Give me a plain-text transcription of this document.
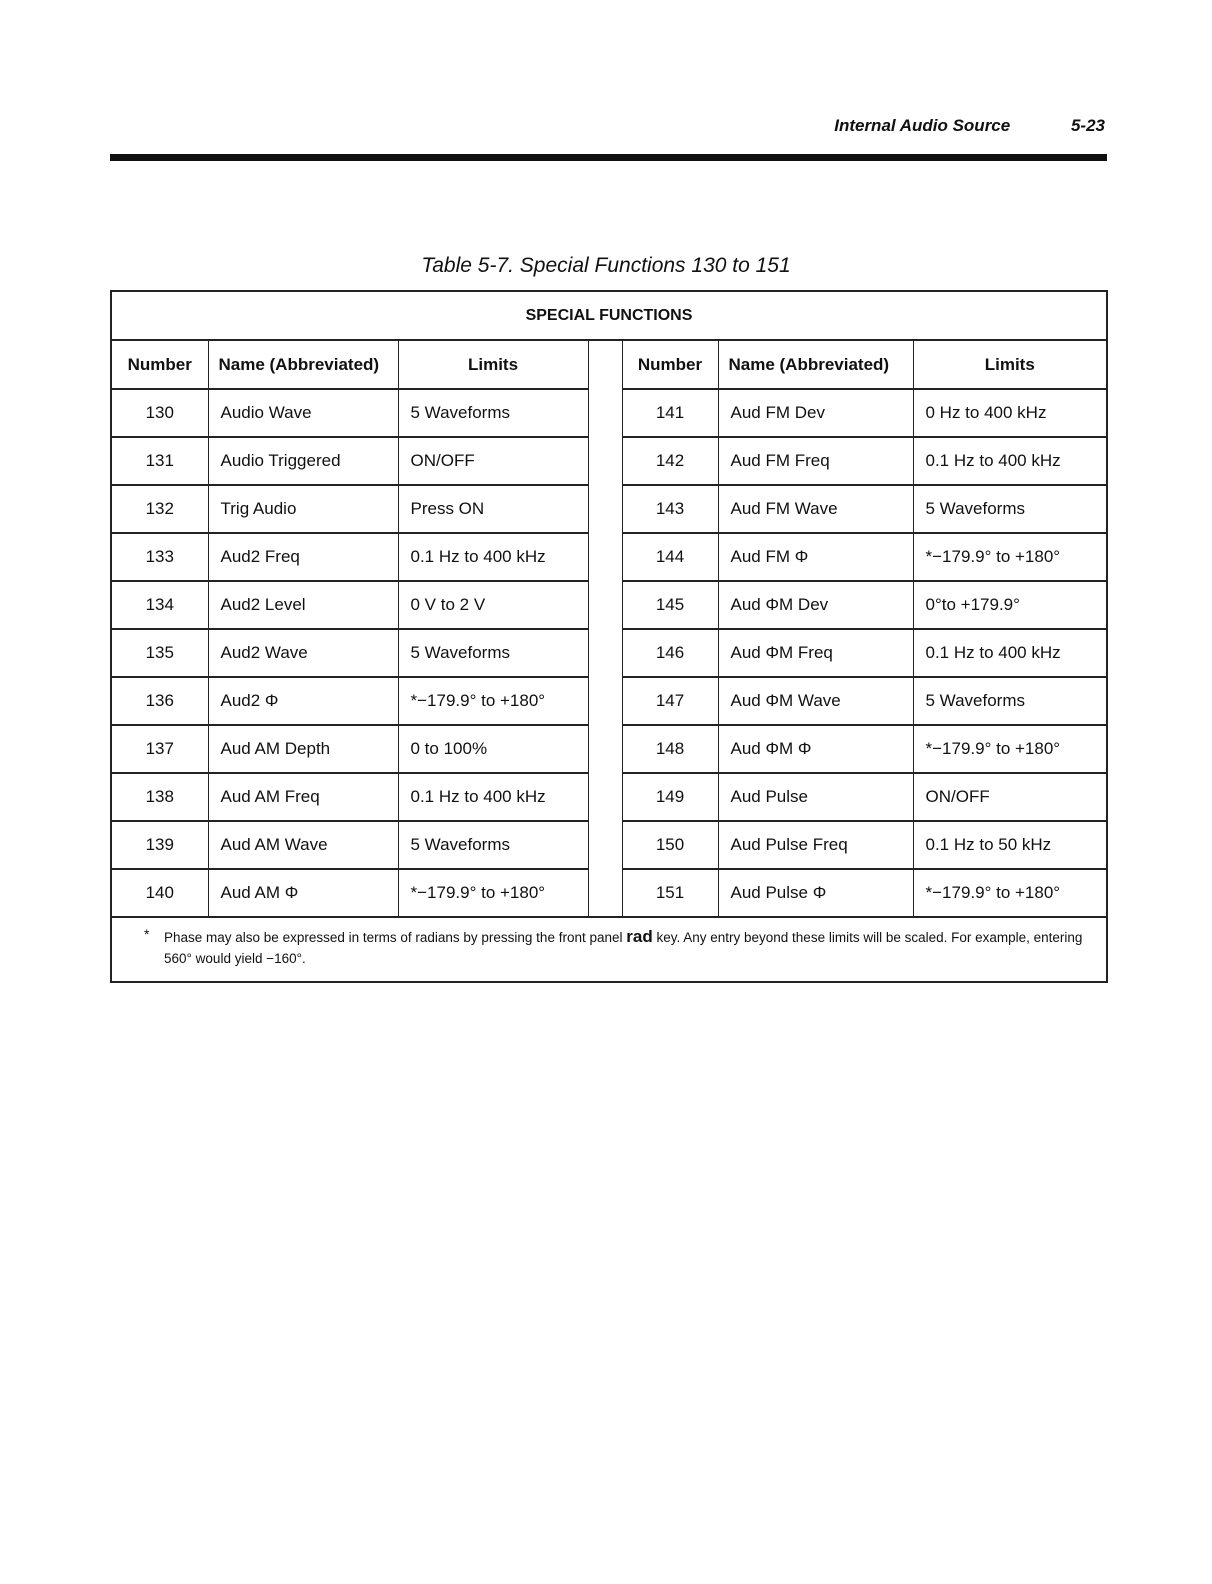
Internal Audio Source	5-23
Table 5-7. Special Functions 130 to 151
SPECIAL FUNCTIONS
Number	Name (Abbreviated)	Limits		Number	Name (Abbreviated)	Limits
130	Audio Wave	5 Waveforms		141	Aud FM Dev	0 Hz to 400 kHz
131	Audio Triggered	ON/OFF		142	Aud FM Freq	0.1 Hz to 400 kHz
132	Trig Audio	Press ON		143	Aud FM Wave	5 Waveforms
133	Aud2 Freq	0.1 Hz to 400 kHz		144	Aud FM Φ	*−179.9° to +180°
134	Aud2 Level	0 V to 2 V		145	Aud ΦM Dev	0°to +179.9°
135	Aud2 Wave	5 Waveforms		146	Aud ΦM Freq	0.1 Hz to 400 kHz
136	Aud2 Φ	*−179.9° to +180°		147	Aud ΦM Wave	5 Waveforms
137	Aud AM Depth	0 to 100%		148	Aud ΦM Φ	*−179.9° to +180°
138	Aud AM Freq	0.1 Hz to 400 kHz		149	Aud Pulse	ON/OFF
139	Aud AM Wave	5 Waveforms		150	Aud Pulse Freq	0.1 Hz to 50 kHz
140	Aud AM Φ	*−179.9° to +180°		151	Aud Pulse Φ	*−179.9° to +180°
* Phase may also be expressed in terms of radians by pressing the front panel rad key. Any entry beyond these limits will be scaled. For example, entering 560° would yield −160°.
